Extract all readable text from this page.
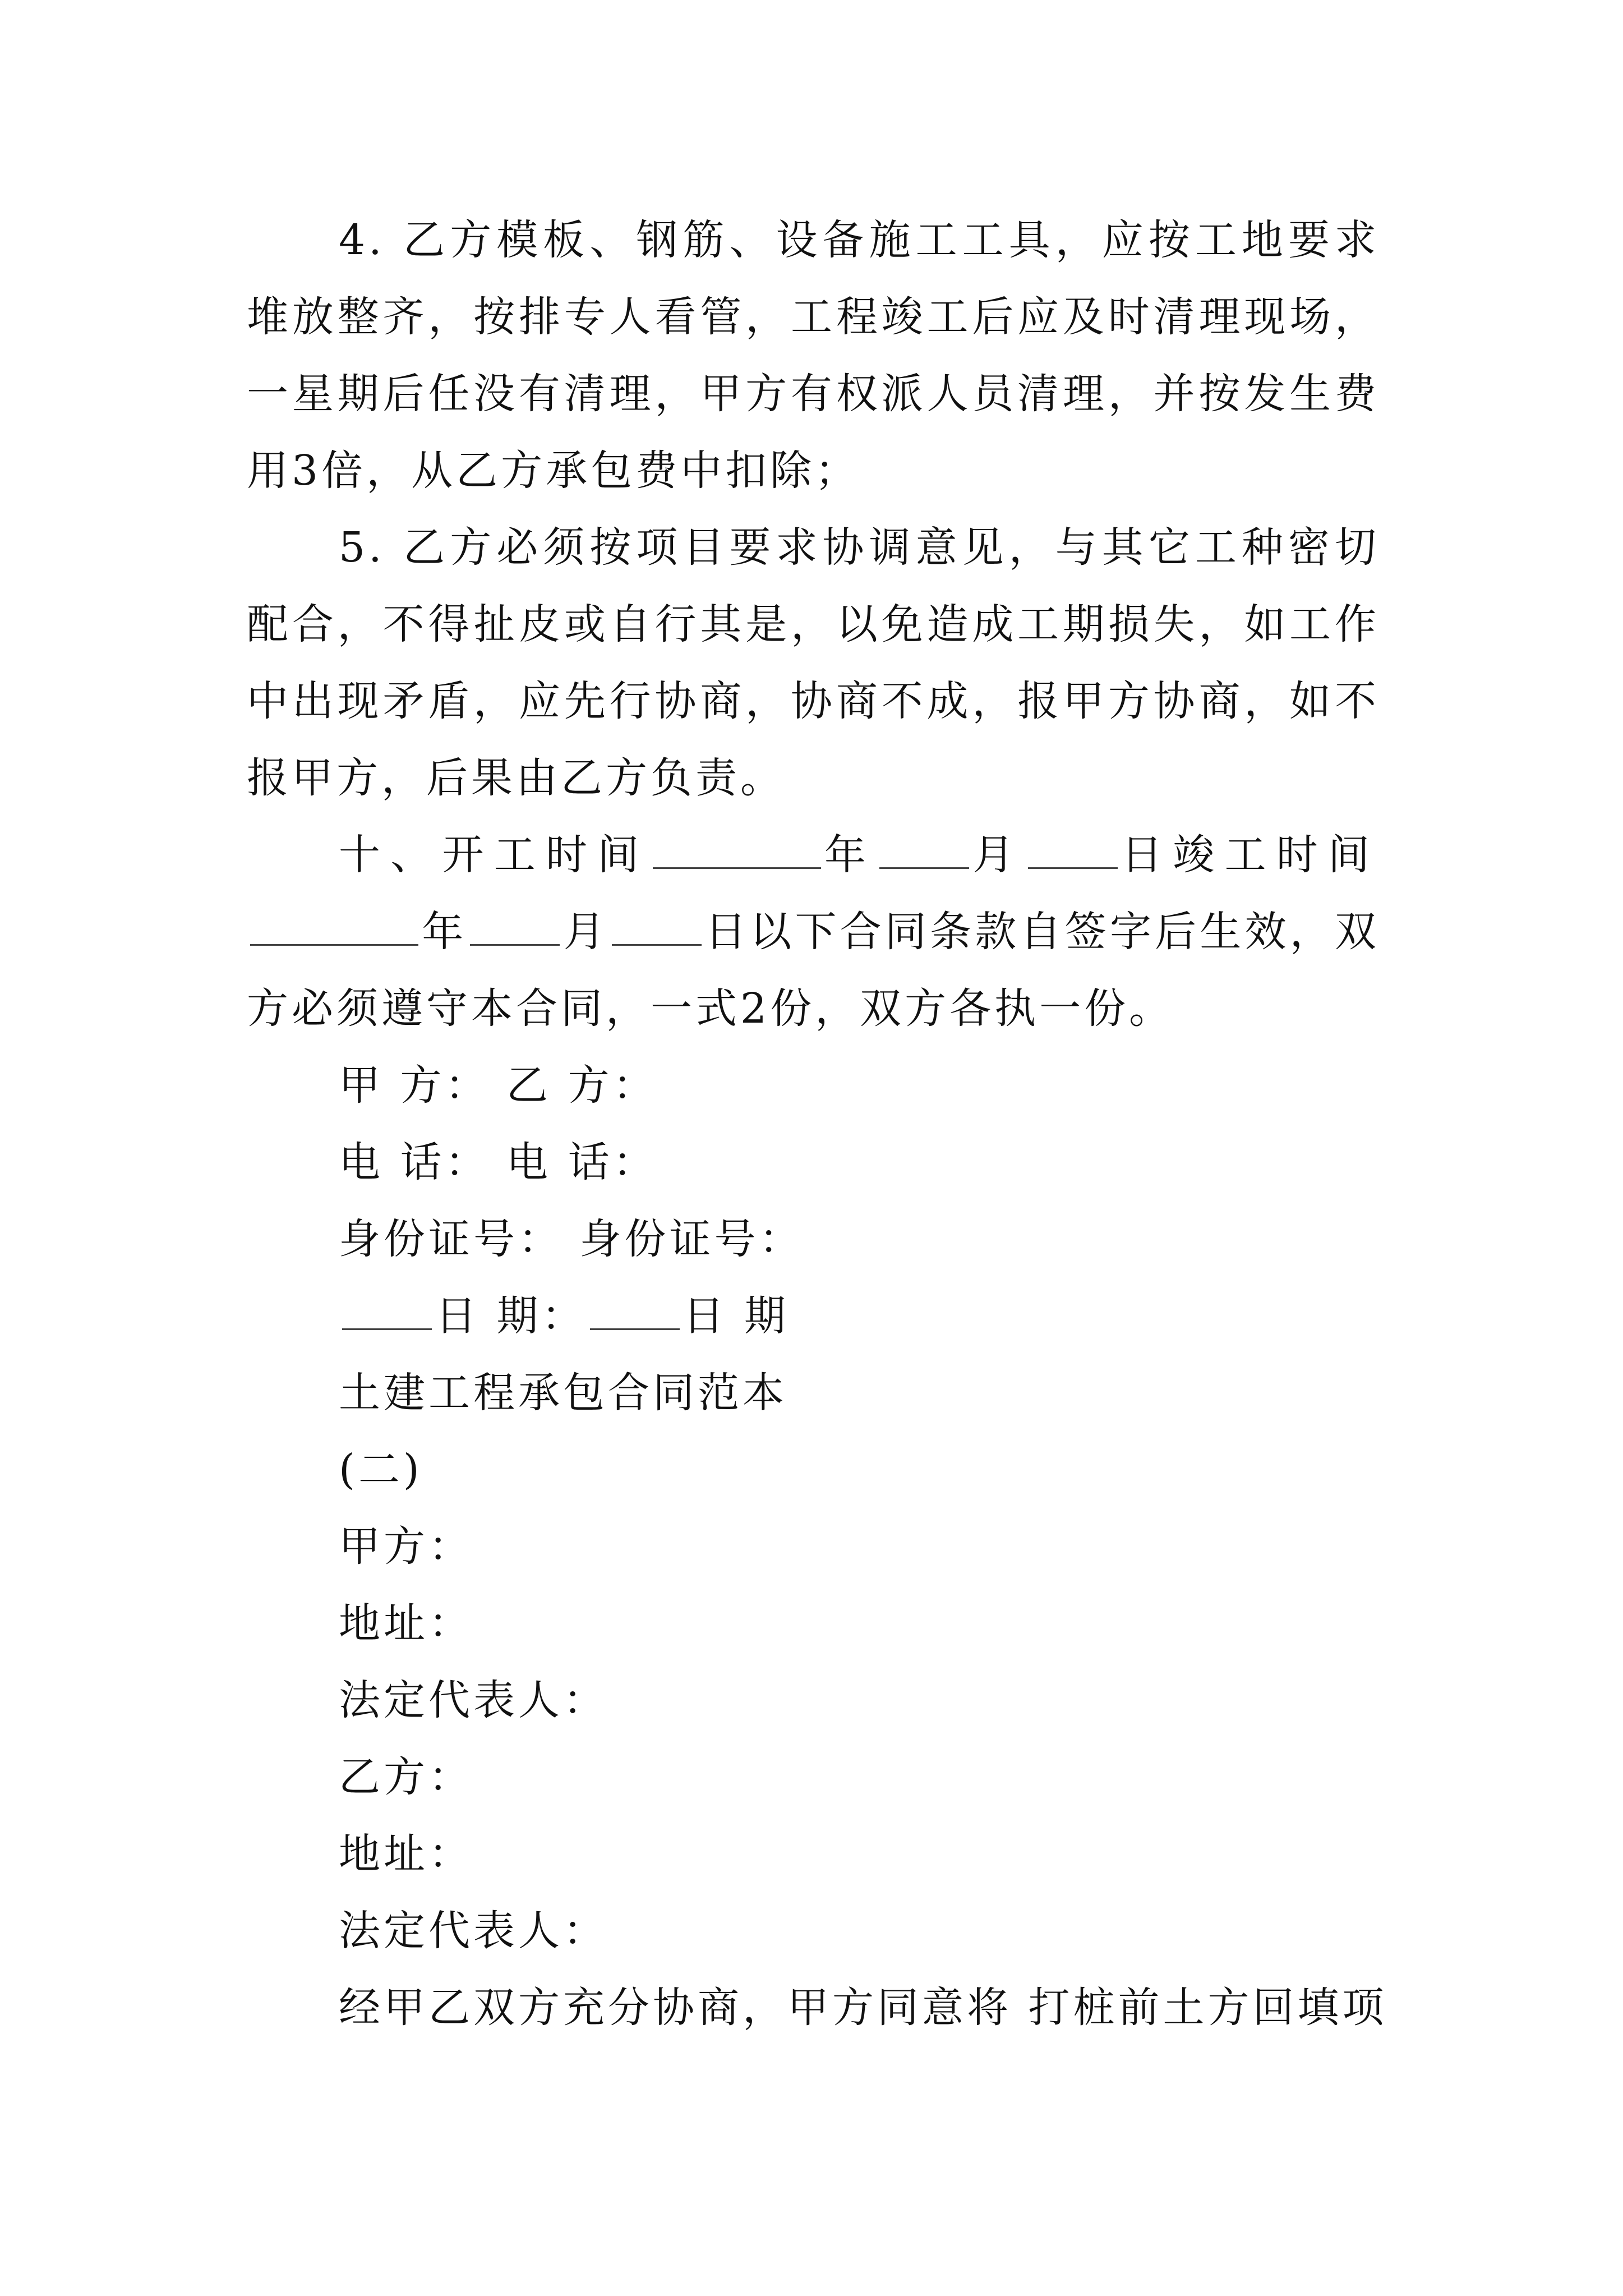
4. 乙方模板、钢筋、设备施工工具，应按工地要求堆放整齐，按排专人看管，工程竣工后应及时清理现场，一星期后任没有清理，甲方有权派人员清理，并按发生费用3倍，从乙方承包费中扣除；

5. 乙方必须按项目要求协调意见，与其它工种密切配合，不得扯皮或自行其是，以免造成工期损失，如工作中出现矛盾，应先行协商，协商不成，报甲方协商，如不报甲方，后果由乙方负责。

十、开工时间	年 月 日竣工时间年 月 日以下合同条款自签字后生效，双方必须遵守本合同，一式2份，双方各执一份。

甲 方： 乙 方：

电 话： 电 话：

身份证号： 身份证号：

日 期： 日 期

土建工程承包合同范本

(二)

甲方：

地址：

法定代表人：

乙方：

地址：

法定代表人：

经甲乙双方充分协商，甲方同意将 打桩前土方回填项
